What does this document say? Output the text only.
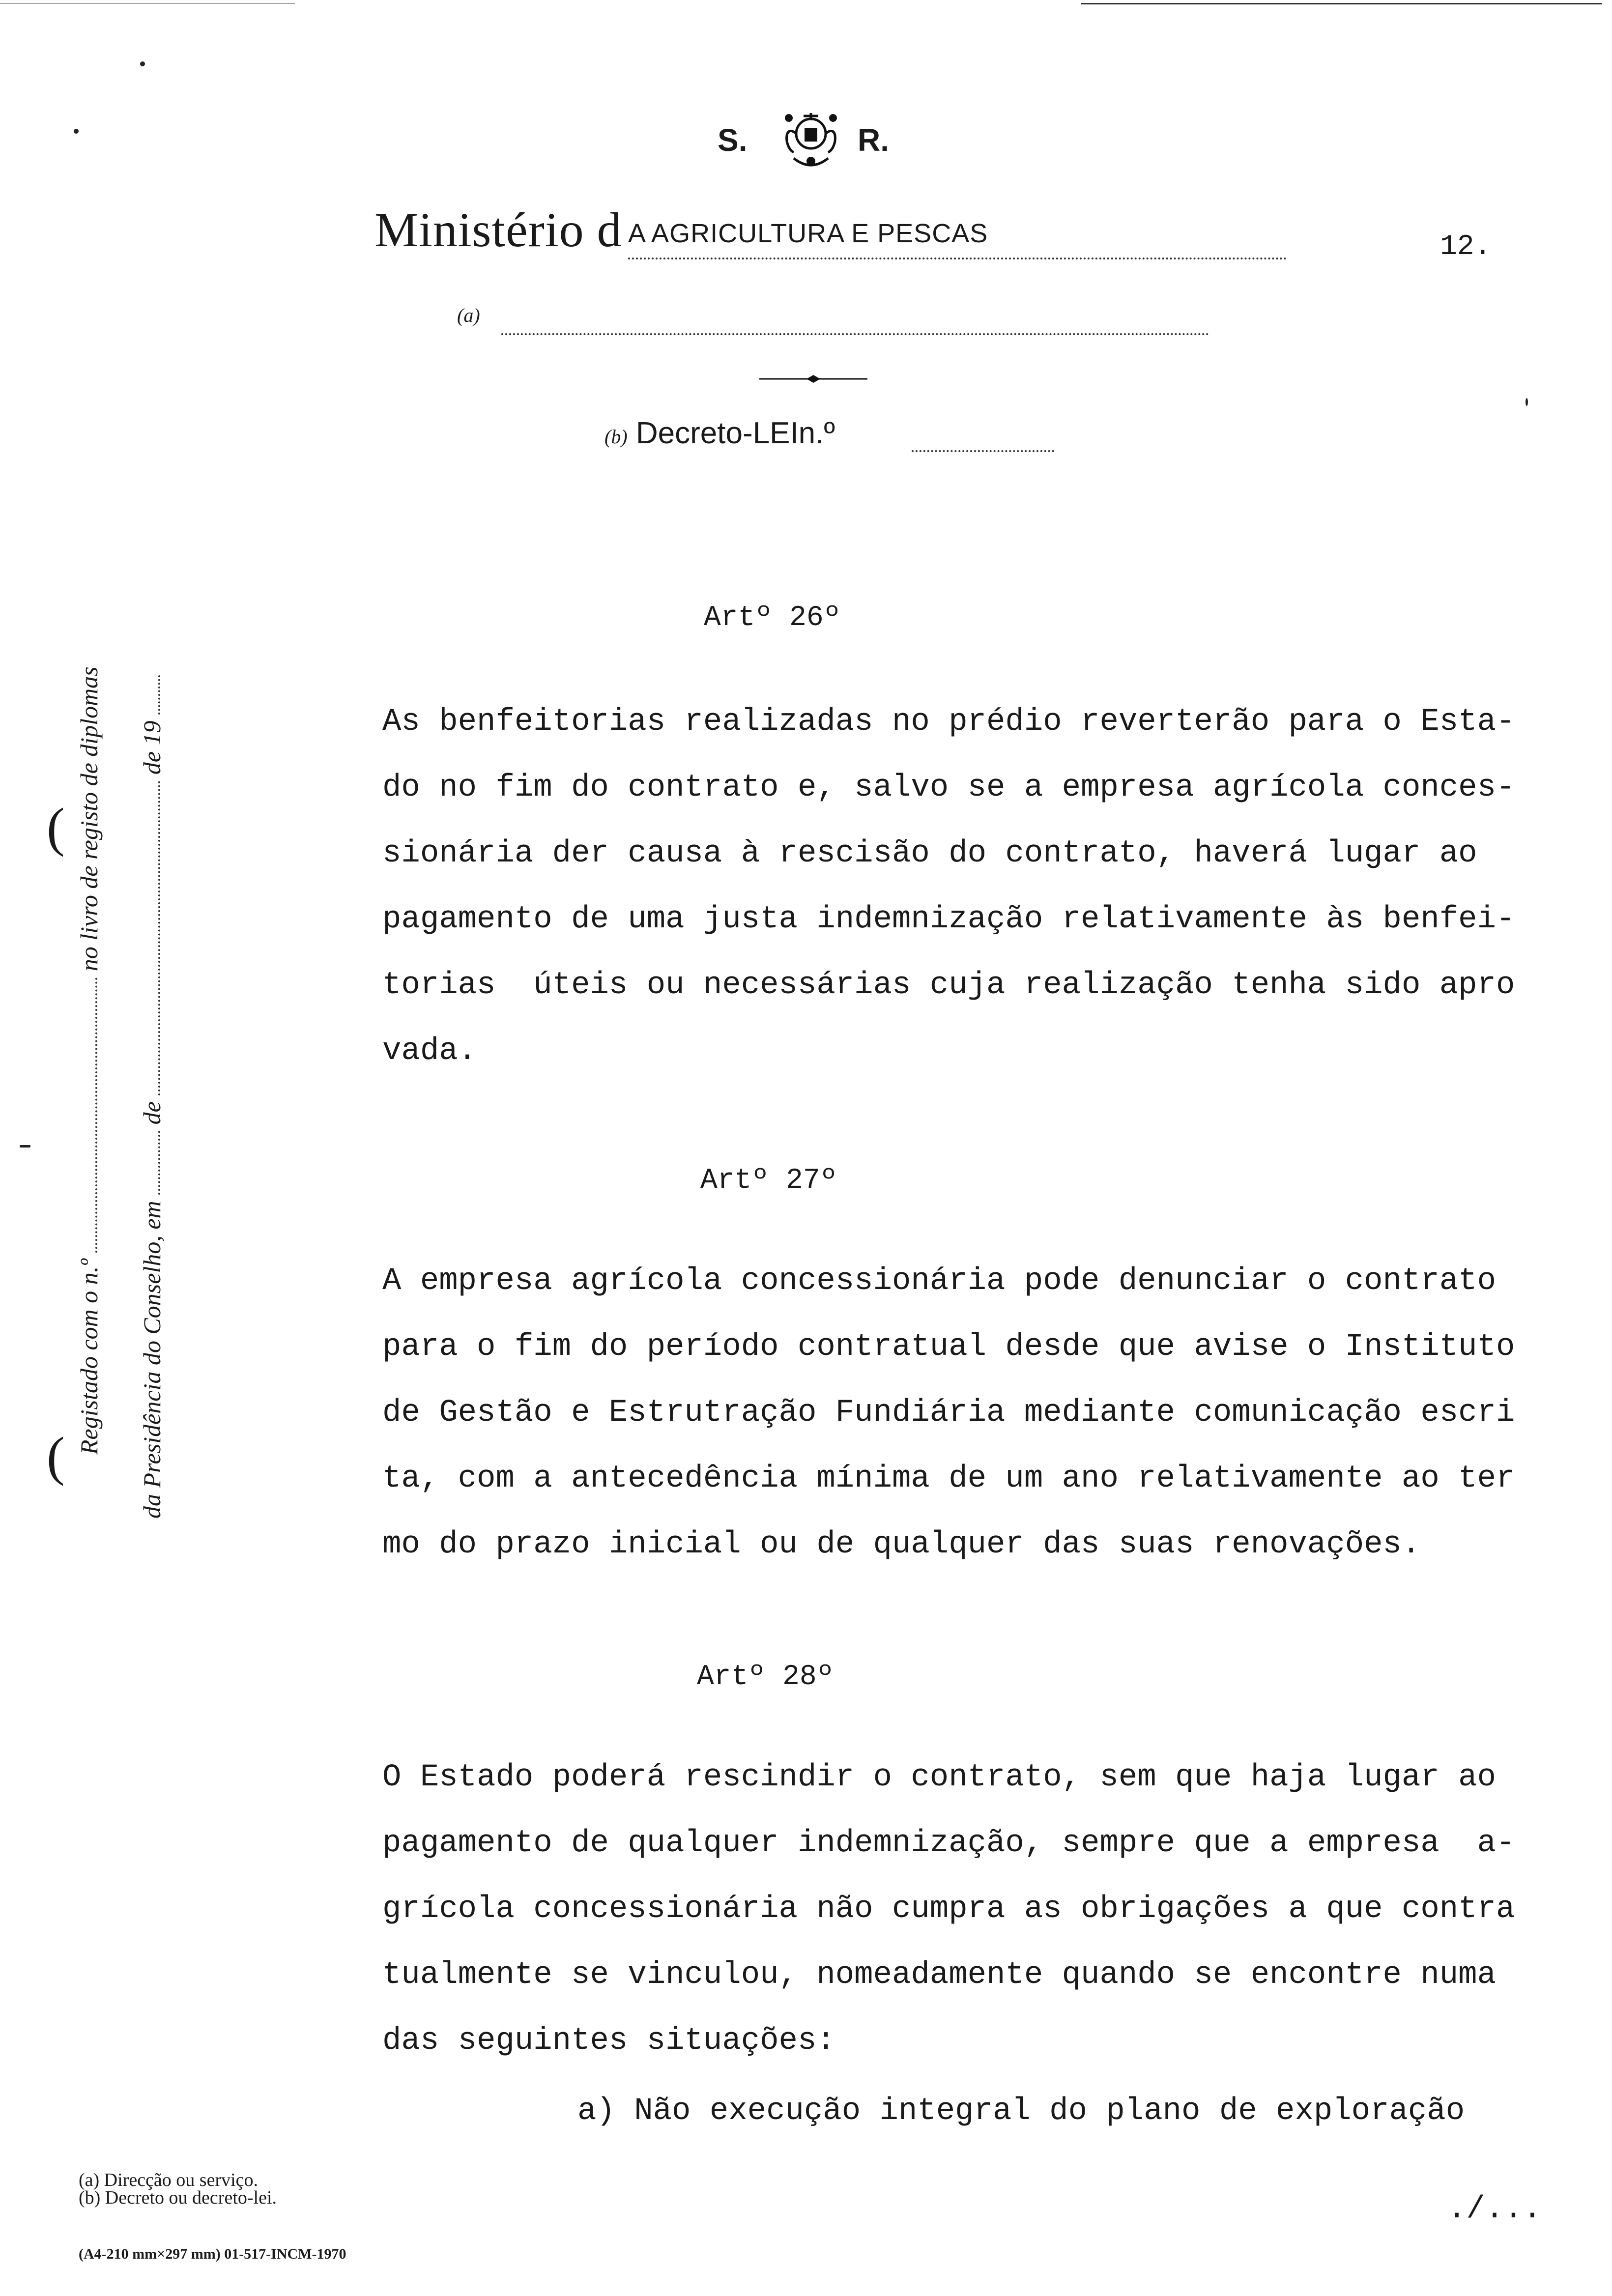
S.	R.
Ministério d A AGRICULTURA E PESCAS	12.
(a)
(b) Decreto-LEIn.º
(
(
Registado com o n.º  no livro de registo de diplomas
da Presidência do Conselho, em  de  de 19
Artº 26º
As benfeitorias realizadas no prédio reverterão para o Esta-
do no fim do contrato e, salvo se a empresa agrícola conces-
sionária der causa à rescisão do contrato, haverá lugar ao
pagamento de uma justa indemnização relativamente às benfei-
torias  úteis ou necessárias cuja realização tenha sido apro
vada.
Artº 27º
A empresa agrícola concessionária pode denunciar o contrato
para o fim do período contratual desde que avise o Instituto
de Gestão e Estrutração Fundiária mediante comunicação escri
ta, com a antecedência mínima de um ano relativamente ao ter
mo do prazo inicial ou de qualquer das suas renovações.
Artº 28º
O Estado poderá rescindir o contrato, sem que haja lugar ao
pagamento de qualquer indemnização, sempre que a empresa  a-
grícola concessionária não cumpra as obrigações a que contra
tualmente se vinculou, nomeadamente quando se encontre numa
das seguintes situações:
a) Não execução integral do plano de exploração
(a) Direcção ou serviço.
(b) Decreto ou decreto-lei.
(A4-210 mm×297 mm) 01-517-INCM-1970
./...
